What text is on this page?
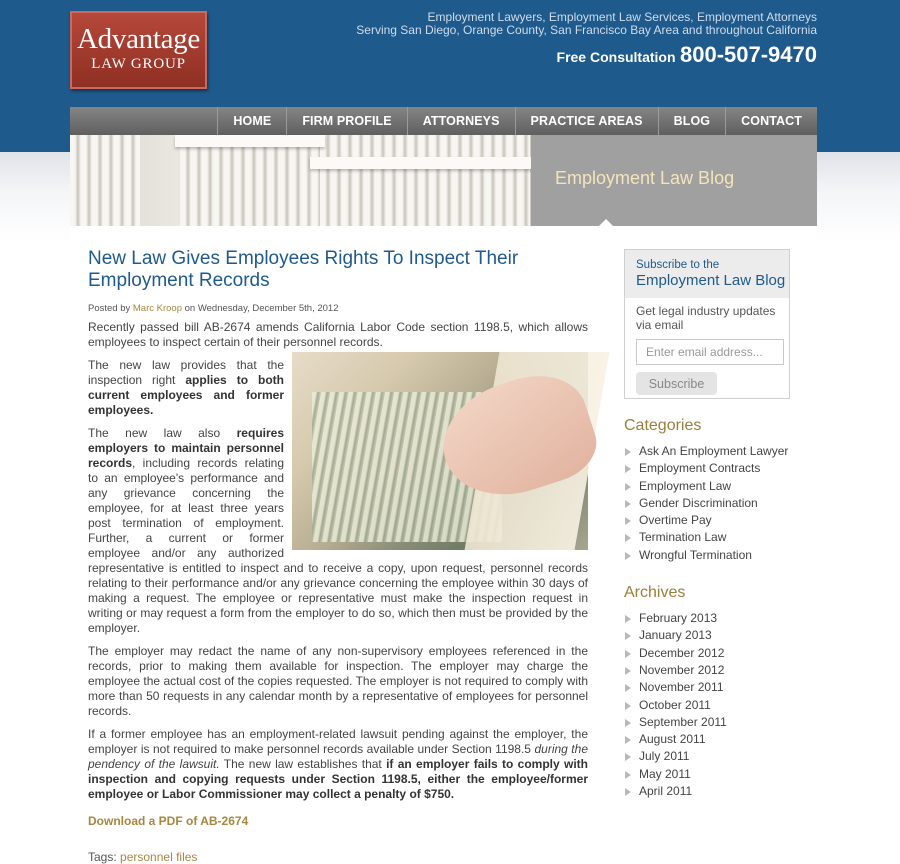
Advantage
LAW GROUP
Employment Lawyers, Employment Law Services, Employment Attorneys
Serving San Diego, Orange County, San Francisco Bay Area and throughout California
Free Consultation 800-507-9470
HOME	FIRM PROFILE	ATTORNEYS	PRACTICE AREAS	BLOG	CONTACT
Employment Law Blog
New Law Gives Employees Rights To Inspect Their Employment Records
Posted by Marc Kroop on Wednesday, December 5th, 2012

Recently passed bill AB-2674 amends California Labor Code section 1198.5, which allows employees to inspect certain of their personnel records.

The new law provides that the inspection right applies to both current employees and former employees.

The new law also requires employers to maintain personnel records, including records relating to an employee's performance and any grievance concerning the employee, for at least three years post termination of employment. Further, a current or former employee and/or any authorized representative is entitled to inspect and to receive a copy, upon request, personnel records relating to their performance and/or any grievance concerning the employee within 30 days of making a request. The employee or representative must make the inspection request in writing or may request a form from the employer to do so, which then must be provided by the employer.

The employer may redact the name of any non-supervisory employees referenced in the records, prior to making them available for inspection. The employer may charge the employee the actual cost of the copies requested. The employer is not required to comply with more than 50 requests in any calendar month by a representative of employees for personnel records.

If a former employee has an employment-related lawsuit pending against the employer, the employer is not required to make personnel records available under Section 1198.5 during the pendency of the lawsuit. The new law establishes that if an employer fails to comply with inspection and copying requests under Section 1198.5, either the employee/former employee or Labor Commissioner may collect a penalty of $750.

Download a PDF of AB-2674
Tags: personnel files
Subscribe to the
Employment Law Blog
Get legal industry updates via email
Enter email address...
Subscribe
Categories
Ask An Employment Lawyer
Employment Contracts
Employment Law
Gender Discrimination
Overtime Pay
Termination Law
Wrongful Termination
Archives
February 2013
January 2013
December 2012
November 2012
November 2011
October 2011
September 2011
August 2011
July 2011
May 2011
April 2011
